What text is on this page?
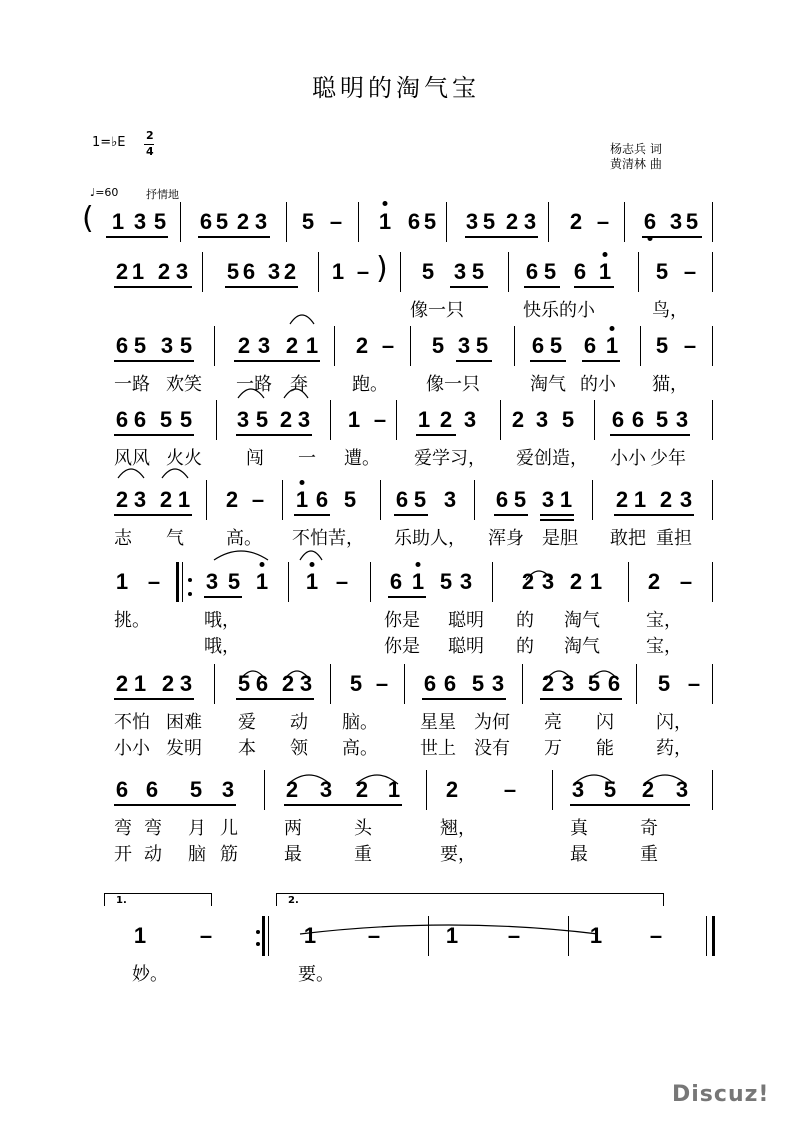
聪明的淘气宝
1=♭E 2
4	杨志兵 词
黄清林 曲
♩=60	抒情地
Discuz!
(
)
1.	2.
1 3 5 6 5 2 3 5 – 1 6 5 3 5 2 3 2 – 6 3 5
2 1 2 3 5 6 3 2 1 – 5 3 5 6 5 6 1 5 –
像一只	快乐的小	鸟，
6 5 3 5 2 3 2 1 2 – 5 3 5 6 5 6 1 5 –
一路 欢笑 一路 奔 跑。 像一只	淘气 的小 猫，
6 6 5 5 3 5 2 3 1 – 1 2 3 2 3 5 6 6 5 3
风风 火火 闯 一 遭。 爱学习， 爱创造， 小小 少年
2 3 2 1 2 – 1 6 5 6 5 3 6 5 3 1 2 1 2 3
志 气 高。 不怕苦， 乐助人， 浑身 是胆 敢把 重担
1 – 3 5 1 1 – 6 1 5 3 2 3 2 1 2 –
挑。	哦，	你是 聪明 的 淘气	宝，
哦，	你是 聪明 的 淘气	宝，
2 1 2 3 5 6 2 3 5 – 6 6 5 3 2 3 5 6 5 –
不怕 困难 爱 动 脑。 星星 为何 亮 闪 闪，
小小 发明 本 领 高。 世上 没有 万 能 药，
6 6 5 3 2 3 2 1 2 –	3 5 2 3
弯 弯 月 儿	两	头	翘，	真	奇
开 动 脑 筋	最	重	要，	最	重
1 –	1 –	1 –	1 –
妙。	要。
